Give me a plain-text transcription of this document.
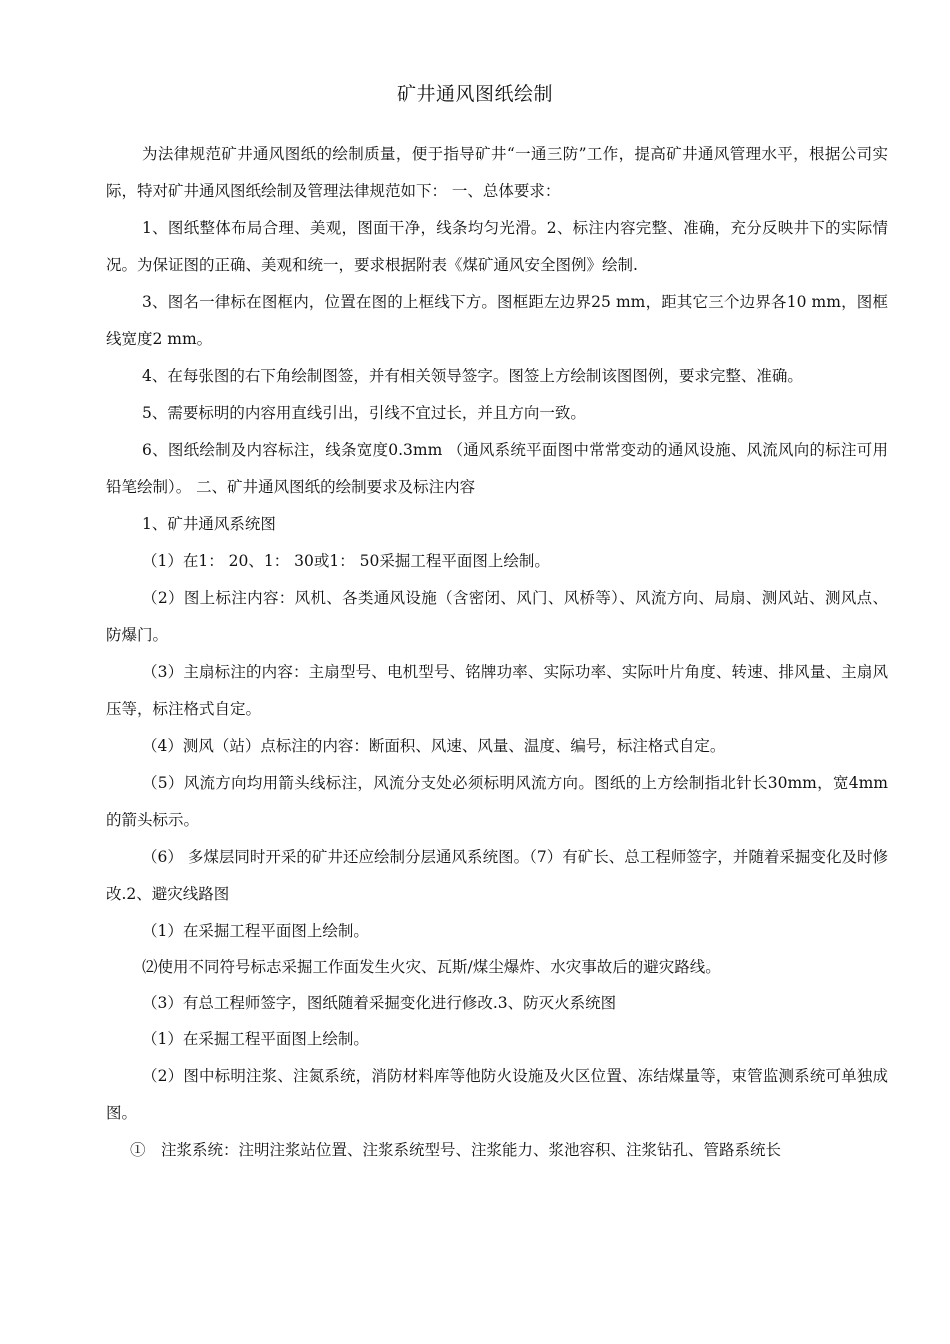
矿井通风图纸绘制

为法律规范矿井通风图纸的绘制质量，便于指导矿井“一通三防”工作，提高矿井通风管理水平，根据公司实际，特对矿井通风图纸绘制及管理法律规范如下： 一、总体要求：

1、图纸整体布局合理、美观，图面干净，线条均匀光滑。2、标注内容完整、准确，充分反映井下的实际情况。为保证图的正确、美观和统一，要求根据附表《煤矿通风安全图例》绘制.

3、图名一律标在图框内，位置在图的上框线下方。图框距左边界25 mm，距其它三个边界各10 mm，图框线宽度2 mm。

4、在每张图的右下角绘制图签，并有相关领导签字。图签上方绘制该图图例，要求完整、准确。

5、需要标明的内容用直线引出，引线不宜过长，并且方向一致。

6、图纸绘制及内容标注，线条宽度0.3mm （通风系统平面图中常常变动的通风设施、风流风向的标注可用铅笔绘制）。 二、矿井通风图纸的绘制要求及标注内容

1、矿井通风系统图

（1）在1： 20、1： 30或1： 50采掘工程平面图上绘制。

（2）图上标注内容：风机、各类通风设施（含密闭、风门、风桥等）、风流方向、局扇、测风站、测风点、防爆门。

（3）主扇标注的内容：主扇型号、电机型号、铭牌功率、实际功率、实际叶片角度、转速、排风量、主扇风压等，标注格式自定。

（4）测风（站）点标注的内容：断面积、风速、风量、温度、编号，标注格式自定。

（5）风流方向均用箭头线标注，风流分支处必须标明风流方向。图纸的上方绘制指北针长30mm，宽4mm的箭头标示。

（6） 多煤层同时开采的矿井还应绘制分层通风系统图。（7）有矿长、总工程师签字，并随着采掘变化及时修改.2、避灾线路图

（1）在采掘工程平面图上绘制。

⑵使用不同符号标志采掘工作面发生火灾、瓦斯/煤尘爆炸、水灾事故后的避灾路线。

（3）有总工程师签字，图纸随着采掘变化进行修改.3、防灭火系统图

（1）在采掘工程平面图上绘制。

（2）图中标明注浆、注氮系统，消防材料库等他防火设施及火区位置、冻结煤量等，束管监测系统可单独成图。

①　注浆系统：注明注浆站位置、注浆系统型号、注浆能力、浆池容积、注浆钻孔、管路系统长
